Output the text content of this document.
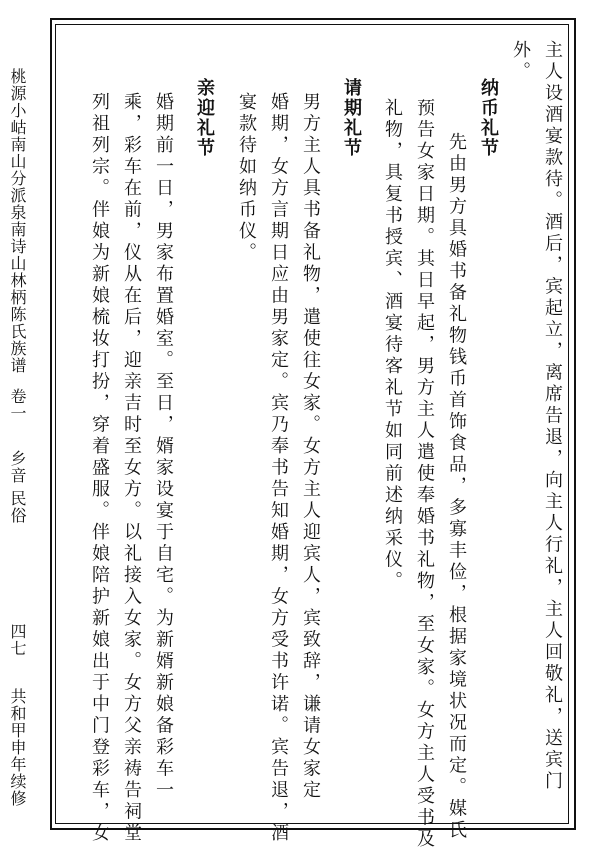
主人设酒宴款待。酒后，宾起立，离席告退，向主人行礼，主人回敬礼，送宾门
外。
纳币礼节
先由男方具婚书备礼物钱币首饰食品，多寡丰俭，根据家境状况而定。媒氏
预告女家日期。其日早起，男方主人遣使奉婚书礼物，至女家。女方主人受书及
礼物，具复书授宾、酒宴待客礼节如同前述纳采仪。
请期礼节
男方主人具书备礼物，遣使往女家。女方主人迎宾人，宾致辞，谦请女家定
婚期，女方言期日应由男家定。宾乃奉书告知婚期，女方受书许诺。宾告退，酒
宴款待如纳币仪。
亲迎礼节
婚期前一日，男家布置婚室。至日，婿家设宴于自宅。为新婿新娘备彩车一
乘，彩车在前，仪从在后，迎亲吉时至女方。以礼接入女家。女方父亲祷告祠堂
列祖列宗。伴娘为新娘梳妆打扮，穿着盛服。伴娘陪护新娘出于中门登彩车，女
桃源小岵南山分派泉南诗山林柄陈氏族谱
卷一
乡音 民俗
四七
共和甲申年续修
